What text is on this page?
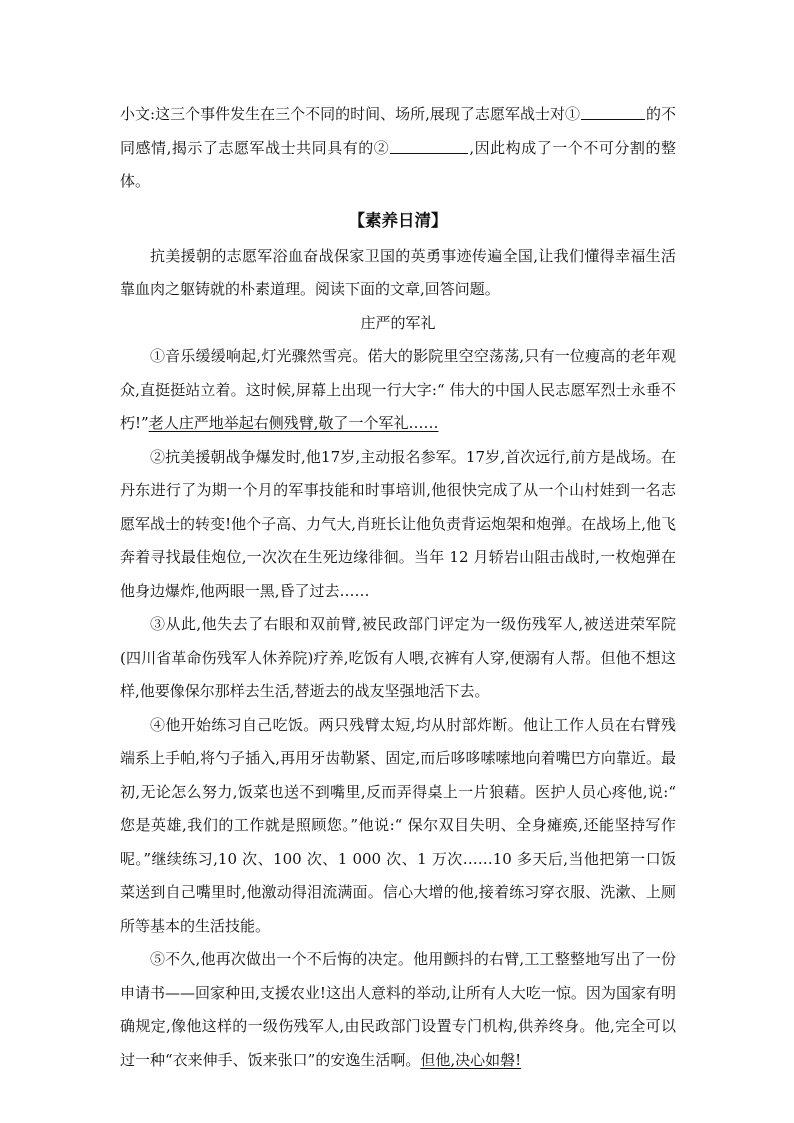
小文:这三个事件发生在三个不同的时间、场所,展现了志愿军战士对①	的不同感情,揭示了志愿军战士共同具有的②	,因此构成了一个不可分割的整体。

【素养日清】

抗美援朝的志愿军浴血奋战保家卫国的英勇事迹传遍全国,让我们懂得幸福生活靠血肉之躯铸就的朴素道理。阅读下面的文章,回答问题。

庄严的军礼

①音乐缓缓响起,灯光骤然雪亮。偌大的影院里空空荡荡,只有一位瘦高的老年观众,直挺挺站立着。这时候,屏幕上出现一行大字:“ 伟大的中国人民志愿军烈士永垂不朽!”老人庄严地举起右侧残臂,敬了一个军礼……

②抗美援朝战争爆发时,他17岁,主动报名参军。17岁,首次远行,前方是战场。在丹东进行了为期一个月的军事技能和时事培训,他很快完成了从一个山村娃到一名志愿军战士的转变!他个子高、力气大,肖班长让他负责背运炮架和炮弹。在战场上,他飞奔着寻找最佳炮位,一次次在生死边缘徘徊。当年 12 月轿岩山阻击战时,一枚炮弹在他身边爆炸,他两眼一黑,昏了过去……

③从此,他失去了右眼和双前臂,被民政部门评定为一级伤残军人,被送进荣军院(四川省革命伤残军人休养院)疗养,吃饭有人喂,衣裤有人穿,便溺有人帮。但他不想这样,他要像保尔那样去生活,替逝去的战友坚强地活下去。

④他开始练习自己吃饭。两只残臂太短,均从肘部炸断。他让工作人员在右臂残端系上手帕,将勺子插入,再用牙齿勒紧、固定,而后哆哆嗦嗦地向着嘴巴方向靠近。最初,无论怎么努力,饭菜也送不到嘴里,反而弄得桌上一片狼藉。医护人员心疼他,说:“ 您是英雄,我们的工作就是照顾您。”他说:“ 保尔双目失明、全身瘫痪,还能坚持写作呢。”继续练习,10 次、100 次、1 000 次、1 万次……10 多天后,当他把第一口饭菜送到自己嘴里时,他激动得泪流满面。信心大增的他,接着练习穿衣服、洗漱、上厕所等基本的生活技能。

⑤不久,他再次做出一个不后悔的决定。他用颤抖的右臂,工工整整地写出了一份申请书——回家种田,支援农业!这出人意料的举动,让所有人大吃一惊。因为国家有明确规定,像他这样的一级伤残军人,由民政部门设置专门机构,供养终身。他,完全可以过一种“衣来伸手、饭来张口”的安逸生活啊。但他,决心如磐!
